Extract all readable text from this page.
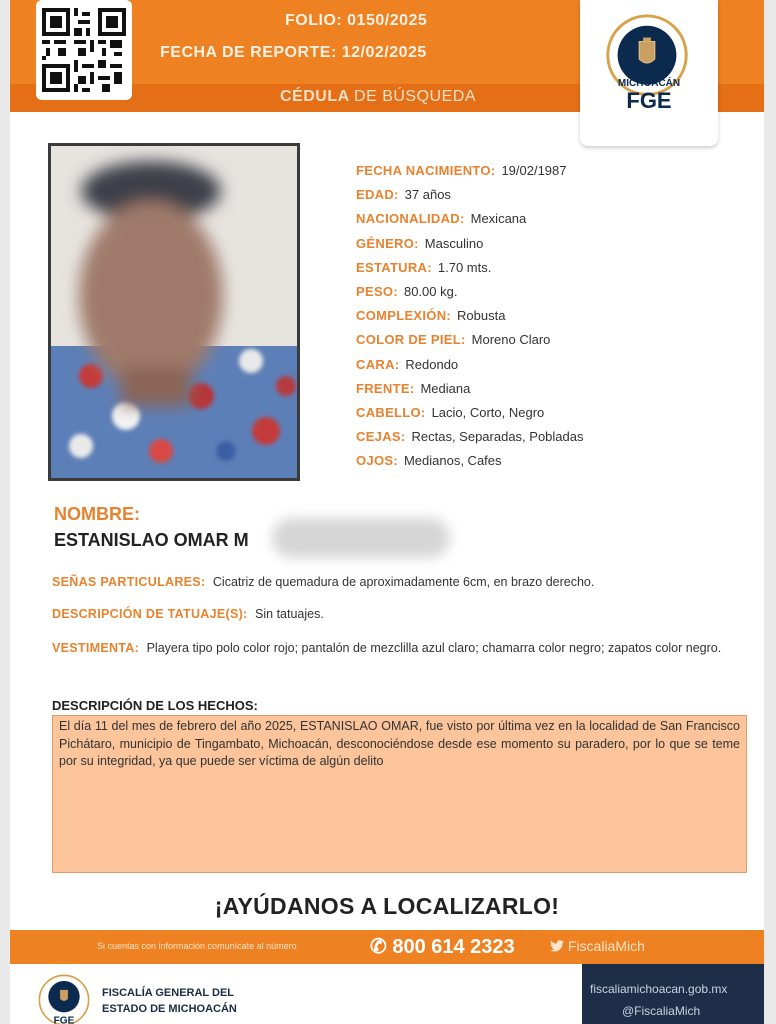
FOLIO: 0150/2025
FECHA DE REPORTE: 12/02/2025
CÉDULA DE BÚSQUEDA
MICHOACÁN
FGE
FECHA NACIMIENTO: 19/02/1987
EDAD: 37 años
NACIONALIDAD: Mexicana
GÉNERO: Masculino
ESTATURA: 1.70 mts.
PESO: 80.00 kg.
COMPLEXIÓN: Robusta
COLOR DE PIEL: Moreno Claro
CARA: Redondo
FRENTE: Mediana
CABELLO: Lacio, Corto, Negro
CEJAS: Rectas, Separadas, Pobladas
OJOS: Medianos, Cafes
NOMBRE:
ESTANISLAO OMAR M
SEÑAS PARTICULARES: Cicatriz de quemadura de aproximadamente 6cm, en brazo derecho.
DESCRIPCIÓN DE TATUAJE(S): Sin tatuajes.
VESTIMENTA: Playera tipo polo color rojo; pantalón de mezclilla azul claro; chamarra color negro; zapatos color negro.
DESCRIPCIÓN DE LOS HECHOS:
El día 11 del mes de febrero del año 2025, ESTANISLAO OMAR, fue visto por última vez en la localidad de San Francisco Pichátaro, municipio de Tingambato, Michoacán, desconociéndose desde ese momento su paradero, por lo que se teme por su integridad, ya que puede ser víctima de algún delito
¡AYÚDANOS A LOCALIZARLO!
Si cuentas con información comunícate al número	✆ 800 614 2323	FiscaliaMich
FGE
FISCALÍA GENERAL DEL
ESTADO DE MICHOACÁN
fiscaliamichoacan.gob.mx
@FiscaliaMich
